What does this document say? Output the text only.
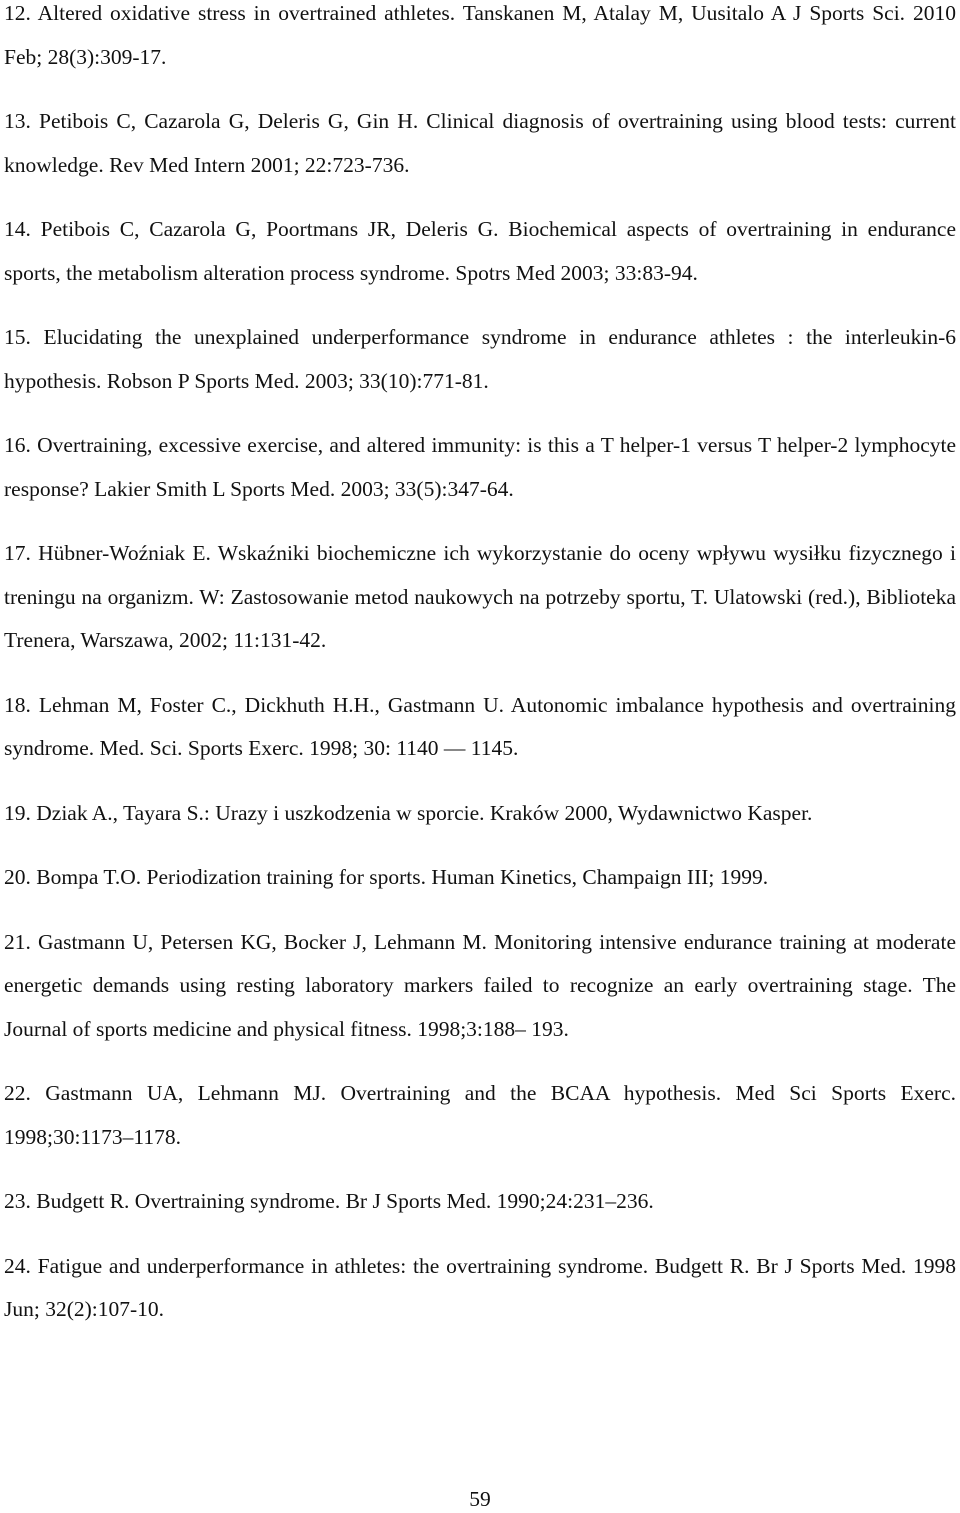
12. Altered oxidative stress in overtrained athletes. Tanskanen M, Atalay M, Uusitalo A J Sports Sci. 2010 Feb; 28(3):309-17.

13. Petibois C, Cazarola G, Deleris G, Gin H. Clinical diagnosis of overtraining using blood tests: current knowledge. Rev Med Intern 2001; 22:723-736.

14. Petibois C, Cazarola G, Poortmans JR, Deleris G. Biochemical aspects of overtraining in endurance sports, the metabolism alteration process syndrome. Spotrs Med 2003; 33:83-94.

15. Elucidating the unexplained underperformance syndrome in endurance athletes : the interleukin-6 hypothesis. Robson P Sports Med. 2003; 33(10):771-81.

16. Overtraining, excessive exercise, and altered immunity: is this a T helper-1 versus T helper-2 lymphocyte response? Lakier Smith L Sports Med. 2003; 33(5):347-64.

17. Hübner-Woźniak E. Wskaźniki biochemiczne ich wykorzystanie do oceny wpływu wysiłku fizycznego i treningu na organizm. W: Zastosowanie metod naukowych na potrzeby sportu, T. Ulatowski (red.), Biblioteka Trenera, Warszawa, 2002; 11:131-42.

18. Lehman M, Foster C., Dickhuth H.H., Gastmann U. Autonomic imbalance hypothesis and overtraining syndrome. Med. Sci. Sports Exerc. 1998; 30: 1140 — 1145.

19. Dziak A., Tayara S.: Urazy i uszkodzenia w sporcie. Kraków 2000, Wydawnictwo Kasper.

20. Bompa T.O. Periodization training for sports. Human Kinetics, Champaign III; 1999.

21. Gastmann U, Petersen KG, Bocker J, Lehmann M. Monitoring intensive endurance training at moderate energetic demands using resting laboratory markers failed to recognize an early overtraining stage. The Journal of sports medicine and physical fitness. 1998;3:188– 193.

22. Gastmann UA, Lehmann MJ. Overtraining and the BCAA hypothesis. Med Sci Sports Exerc. 1998;30:1173–1178.

23. Budgett R. Overtraining syndrome. Br J Sports Med. 1990;24:231–236.

24. Fatigue and underperformance in athletes: the overtraining syndrome. Budgett R. Br J Sports Med. 1998 Jun; 32(2):107-10.

59
